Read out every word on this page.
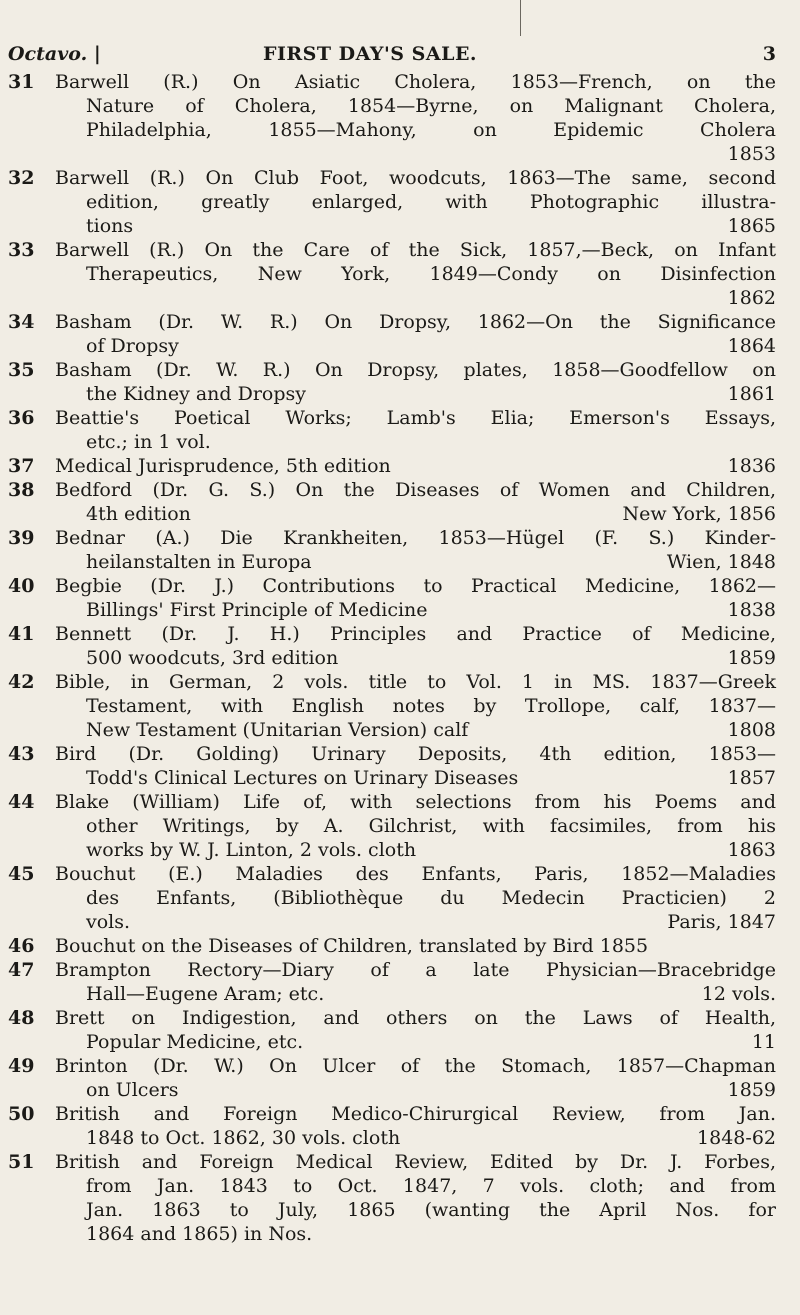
Octavo. |	FIRST DAY'S SALE.	3
31	Barwell (R.) On Asiatic Cholera, 1853—French, on the
Nature of Cholera, 1854—Byrne, on Malignant Cholera,
Philadelphia, 1855—Mahony, on Epidemic Cholera
1853
32	Barwell (R.) On Club Foot, woodcuts, 1863—The same, second
edition, greatly enlarged, with Photographic illustra-
tions	1865
33	Barwell (R.) On the Care of the Sick, 1857,—Beck, on Infant
Therapeutics, New York, 1849—Condy on Disinfection
1862
34	Basham (Dr. W. R.) On Dropsy, 1862—On the Significance
of Dropsy	1864
35	Basham (Dr. W. R.) On Dropsy, plates, 1858—Goodfellow on
the Kidney and Dropsy	1861
36	Beattie's Poetical Works; Lamb's Elia; Emerson's Essays,
etc.; in 1 vol.
37	Medical Jurisprudence, 5th edition	1836
38	Bedford (Dr. G. S.) On the Diseases of Women and Children,
4th edition	New York, 1856
39	Bednar (A.) Die Krankheiten, 1853—Hügel (F. S.) Kinder-
heilanstalten in Europa	Wien, 1848
40	Begbie (Dr. J.) Contributions to Practical Medicine, 1862—
Billings' First Principle of Medicine	1838
41	Bennett (Dr. J. H.) Principles and Practice of Medicine,
500 woodcuts, 3rd edition	1859
42	Bible, in German, 2 vols. title to Vol. 1 in MS. 1837—Greek
Testament, with English notes by Trollope, calf, 1837—
New Testament (Unitarian Version) calf	1808
43	Bird (Dr. Golding) Urinary Deposits, 4th edition, 1853—
Todd's Clinical Lectures on Urinary Diseases	1857
44	Blake (William) Life of, with selections from his Poems and
other Writings, by A. Gilchrist, with facsimiles, from his
works by W. J. Linton, 2 vols. cloth	1863
45	Bouchut (E.) Maladies des Enfants, Paris, 1852—Maladies
des Enfants, (Bibliothèque du Medecin Practicien) 2
vols.	Paris, 1847
46	Bouchut on the Diseases of Children, translated by Bird 1855
47	Brampton Rectory—Diary of a late Physician—Bracebridge
Hall—Eugene Aram; etc.	12 vols.
48	Brett on Indigestion, and others on the Laws of Health,
Popular Medicine, etc.	11
49	Brinton (Dr. W.) On Ulcer of the Stomach, 1857—Chapman
on Ulcers	1859
50	British and Foreign Medico-Chirurgical Review, from Jan.
1848 to Oct. 1862, 30 vols. cloth	1848-62
51	British and Foreign Medical Review, Edited by Dr. J. Forbes,
from Jan. 1843 to Oct. 1847, 7 vols. cloth; and from
Jan. 1863 to July, 1865 (wanting the April Nos. for
1864 and 1865) in Nos.
